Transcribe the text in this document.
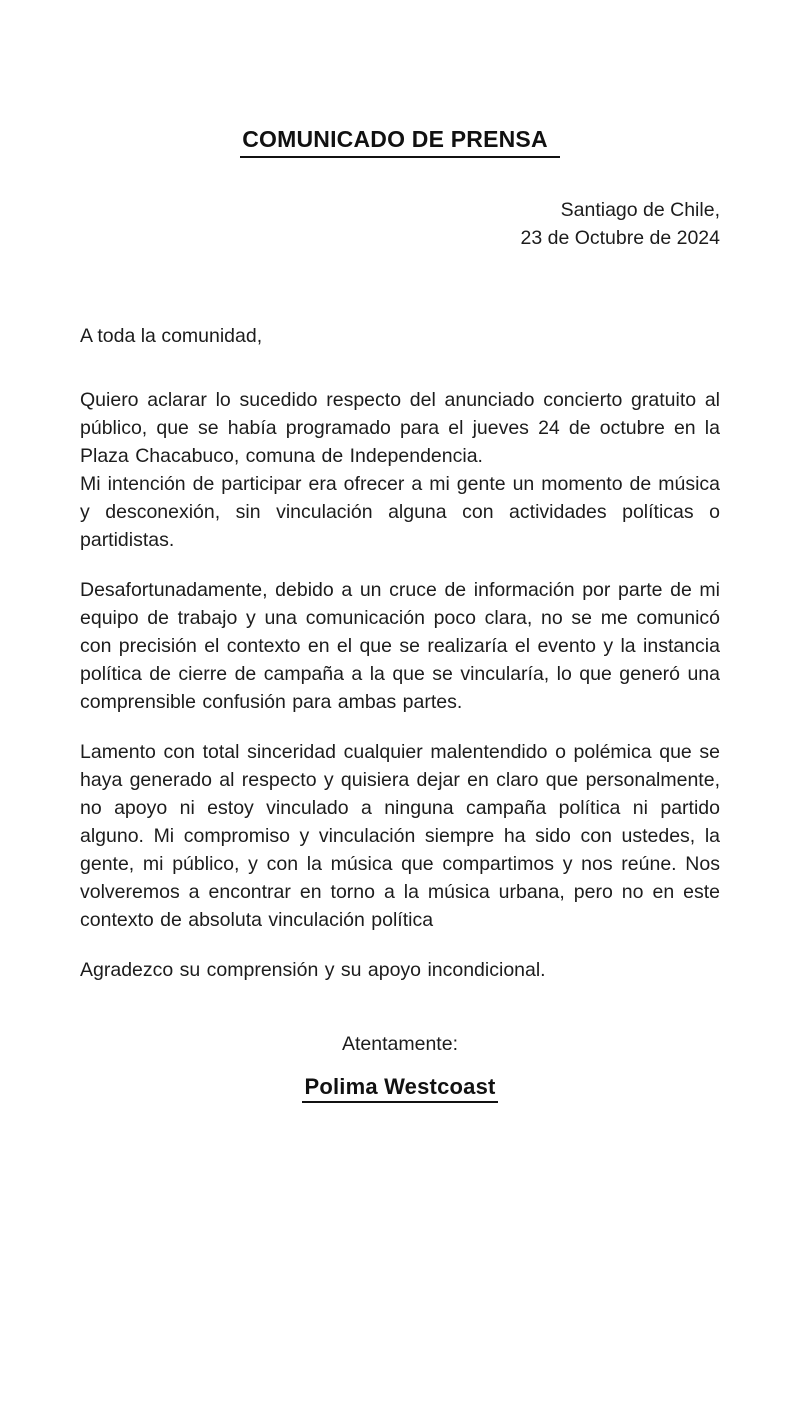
COMUNICADO DE PRENSA
Santiago de Chile,
23 de Octubre de 2024
A toda la comunidad,

Quiero aclarar lo sucedido respecto del anunciado concierto gratuito al público, que se había programado para el jueves 24 de octubre en la Plaza Chacabuco, comuna de Independencia.

Mi intención de participar era ofrecer a mi gente un momento de música y desconexión, sin vinculación alguna con actividades políticas o partidistas.

Desafortunadamente, debido a un cruce de información por parte de mi equipo de trabajo y una comunicación poco clara, no se me comunicó con precisión el contexto en el que se realizaría el evento y la instancia política de cierre de campaña a la que se vincularía, lo que generó una comprensible confusión para ambas partes.

Lamento con total sinceridad cualquier malentendido o polémica que se haya generado al respecto y quisiera dejar en claro que personalmente, no apoyo ni estoy vinculado a ninguna campaña política ni partido alguno. Mi compromiso y vinculación siempre ha sido con ustedes, la gente, mi público, y con la música que compartimos y nos reúne. Nos volveremos a encontrar en torno a la música urbana, pero no en este contexto de absoluta vinculación política

Agradezco su comprensión y su apoyo incondicional.

Atentamente:
Polima Westcoast
